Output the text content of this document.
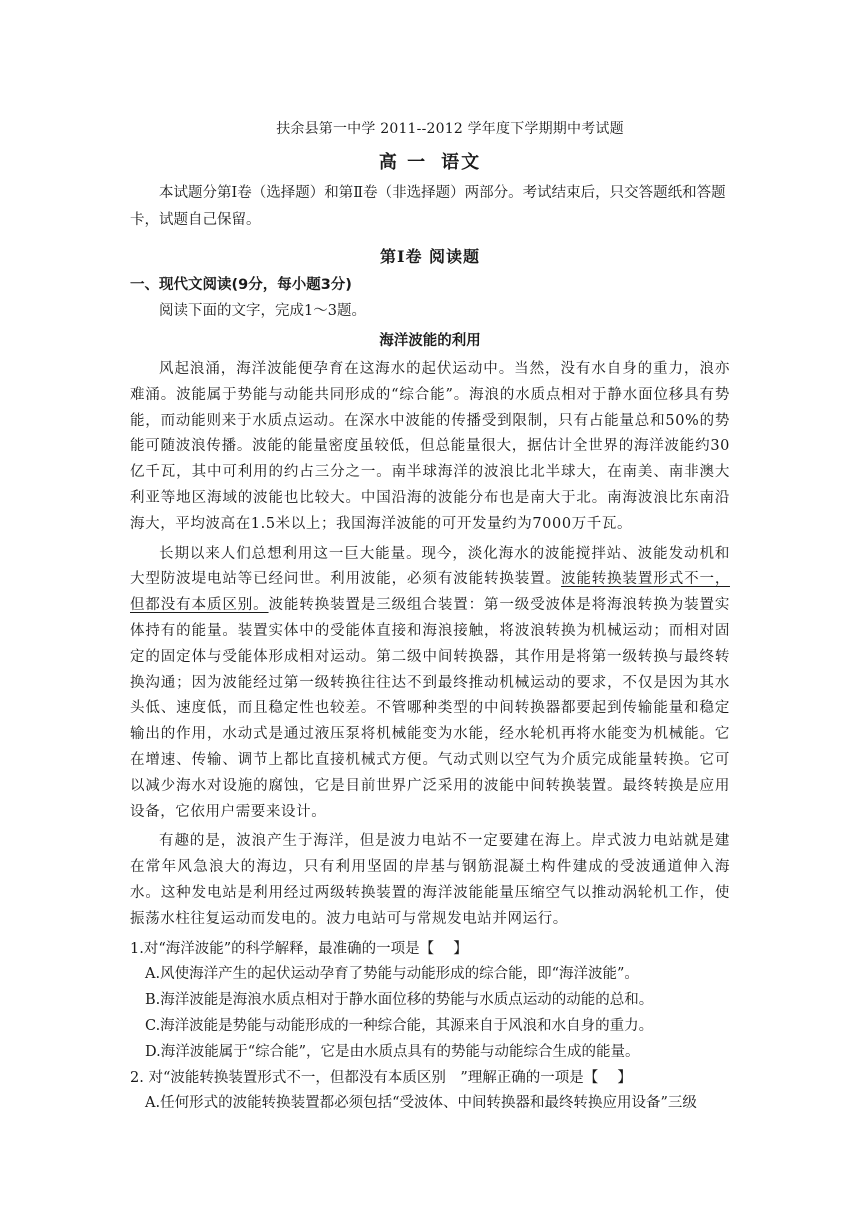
扶余县第一中学 2011--2012 学年度下学期期中考试题
高 一 语文

本试题分第Ⅰ卷（选择题）和第Ⅱ卷（非选择题）两部分。考试结束后，只交答题纸和答题卡，试题自己保留。

第Ⅰ卷 阅读题
一、现代文阅读(9分，每小题3分)
阅读下面的文字，完成1～3题。
海洋波能的利用

风起浪涌，海洋波能便孕育在这海水的起伏运动中。当然，没有水自身的重力，浪亦难涌。波能属于势能与动能共同形成的“综合能”。海浪的水质点相对于静水面位移具有势能，而动能则来于水质点运动。在深水中波能的传播受到限制，只有占能量总和50%的势能可随波浪传播。波能的能量密度虽较低，但总能量很大，据估计全世界的海洋波能约30亿千瓦，其中可利用的约占三分之一。南半球海洋的波浪比北半球大，在南美、南非澳大利亚等地区海域的波能也比较大。中国沿海的波能分布也是南大于北。南海波浪比东南沿海大，平均波高在1.5米以上；我国海洋波能的可开发量约为7000万千瓦。

长期以来人们总想利用这一巨大能量。现今，淡化海水的波能搅拌站、波能发动机和大型防波堤电站等已经问世。利用波能，必须有波能转换装置。波能转换装置形式不一，但都没有本质区别。波能转换装置是三级组合装置：第一级受波体是将海浪转换为装置实体持有的能量。装置实体中的受能体直接和海浪接触，将波浪转换为机械运动；而相对固定的固定体与受能体形成相对运动。第二级中间转换器，其作用是将第一级转换与最终转换沟通；因为波能经过第一级转换往往达不到最终推动机械运动的要求，不仅是因为其水头低、速度低，而且稳定性也较差。不管哪种类型的中间转换器都要起到传输能量和稳定输出的作用，水动式是通过液压泵将机械能变为水能，经水轮机再将水能变为机械能。它在增速、传输、调节上都比直接机械式方便。气动式则以空气为介质完成能量转换。它可以减少海水对设施的腐蚀，它是目前世界广泛采用的波能中间转换装置。最终转换是应用设备，它依用户需要来设计。

有趣的是，波浪产生于海洋，但是波力电站不一定要建在海上。岸式波力电站就是建在常年风急浪大的海边，只有利用坚固的岸基与钢筋混凝土构件建成的受波通道伸入海水。这种发电站是利用经过两级转换装置的海洋波能能量压缩空气以推动涡轮机工作，使振荡水柱往复运动而发电的。波力电站可与常规发电站并网运行。

1.对“海洋波能”的科学解释，最准确的一项是【　 】

A.风使海洋产生的起伏运动孕育了势能与动能形成的综合能，即“海洋波能”。

B.海洋波能是海浪水质点相对于静水面位移的势能与水质点运动的动能的总和。

C.海洋波能是势能与动能形成的一种综合能，其源来自于风浪和水自身的重力。

D.海洋波能属于“综合能”，它是由水质点具有的势能与动能综合生成的能量。

2. 对“波能转换装置形式不一，但都没有本质区别　”理解正确的一项是【　 】

A.任何形式的波能转换装置都必须包括“受波体、中间转换器和最终转换应用设备”三级
